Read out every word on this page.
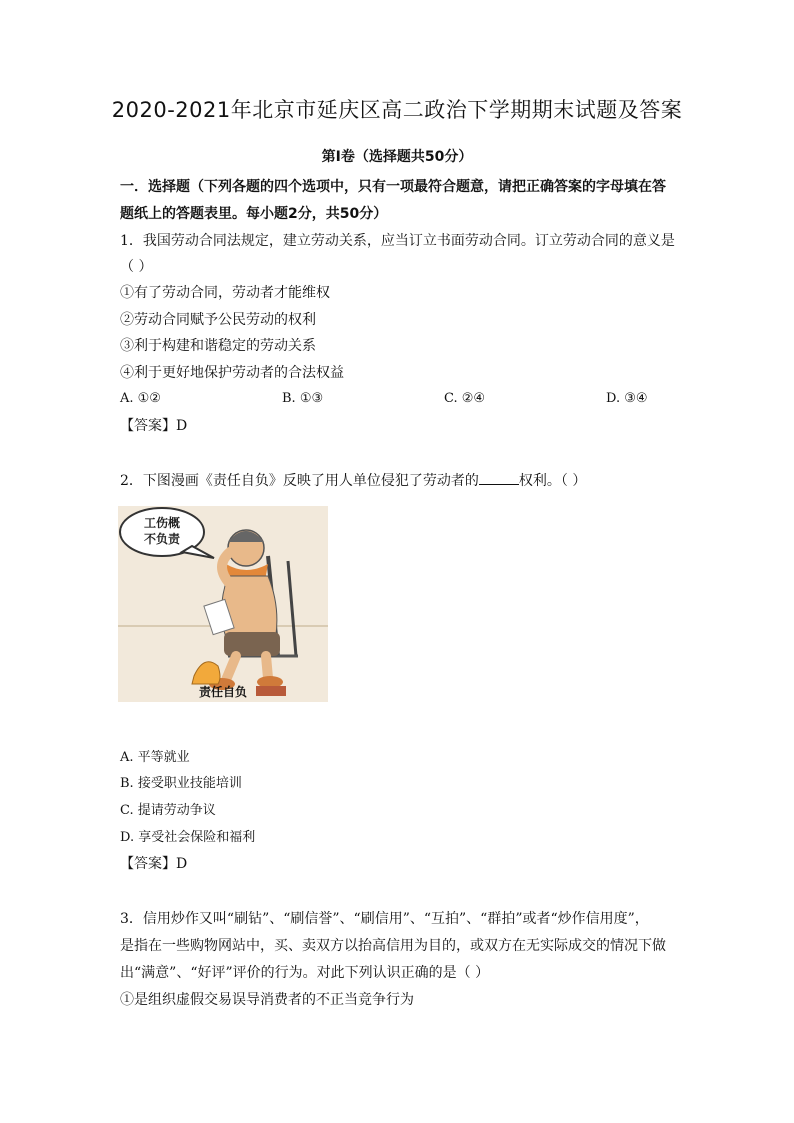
2020-2021年北京市延庆区高二政治下学期期末试题及答案
第Ⅰ卷（选择题共50分）
一．选择题（下列各题的四个选项中，只有一项最符合题意，请把正确答案的字母填在答
题纸上的答题表里。每小题2分，共50分）
1．我国劳动合同法规定，建立劳动关系，应当订立书面劳动合同。订立劳动合同的意义是
（ ）
①有了劳动合同，劳动者才能维权
②劳动合同赋予公民劳动的权利
③利于构建和谐稳定的劳动关系
④利于更好地保护劳动者的合法权益
A. ①②	B. ①③	C. ②④	D. ③④
【答案】D
2．下图漫画《责任自负》反映了用人单位侵犯了劳动者的	权利。（ ）
工伤概
不负责
责任自负
A. 平等就业
B. 接受职业技能培训
C. 提请劳动争议
D. 享受社会保险和福利
【答案】D
3．信用炒作又叫“刷钻”、“刷信誉”、“刷信用”、“互拍”、“群拍”或者“炒作信用度”，
是指在一些购物网站中，买、卖双方以抬高信用为目的，或双方在无实际成交的情况下做
出“满意”、“好评”评价的行为。对此下列认识正确的是（ ）
①是组织虚假交易误导消费者的不正当竞争行为
